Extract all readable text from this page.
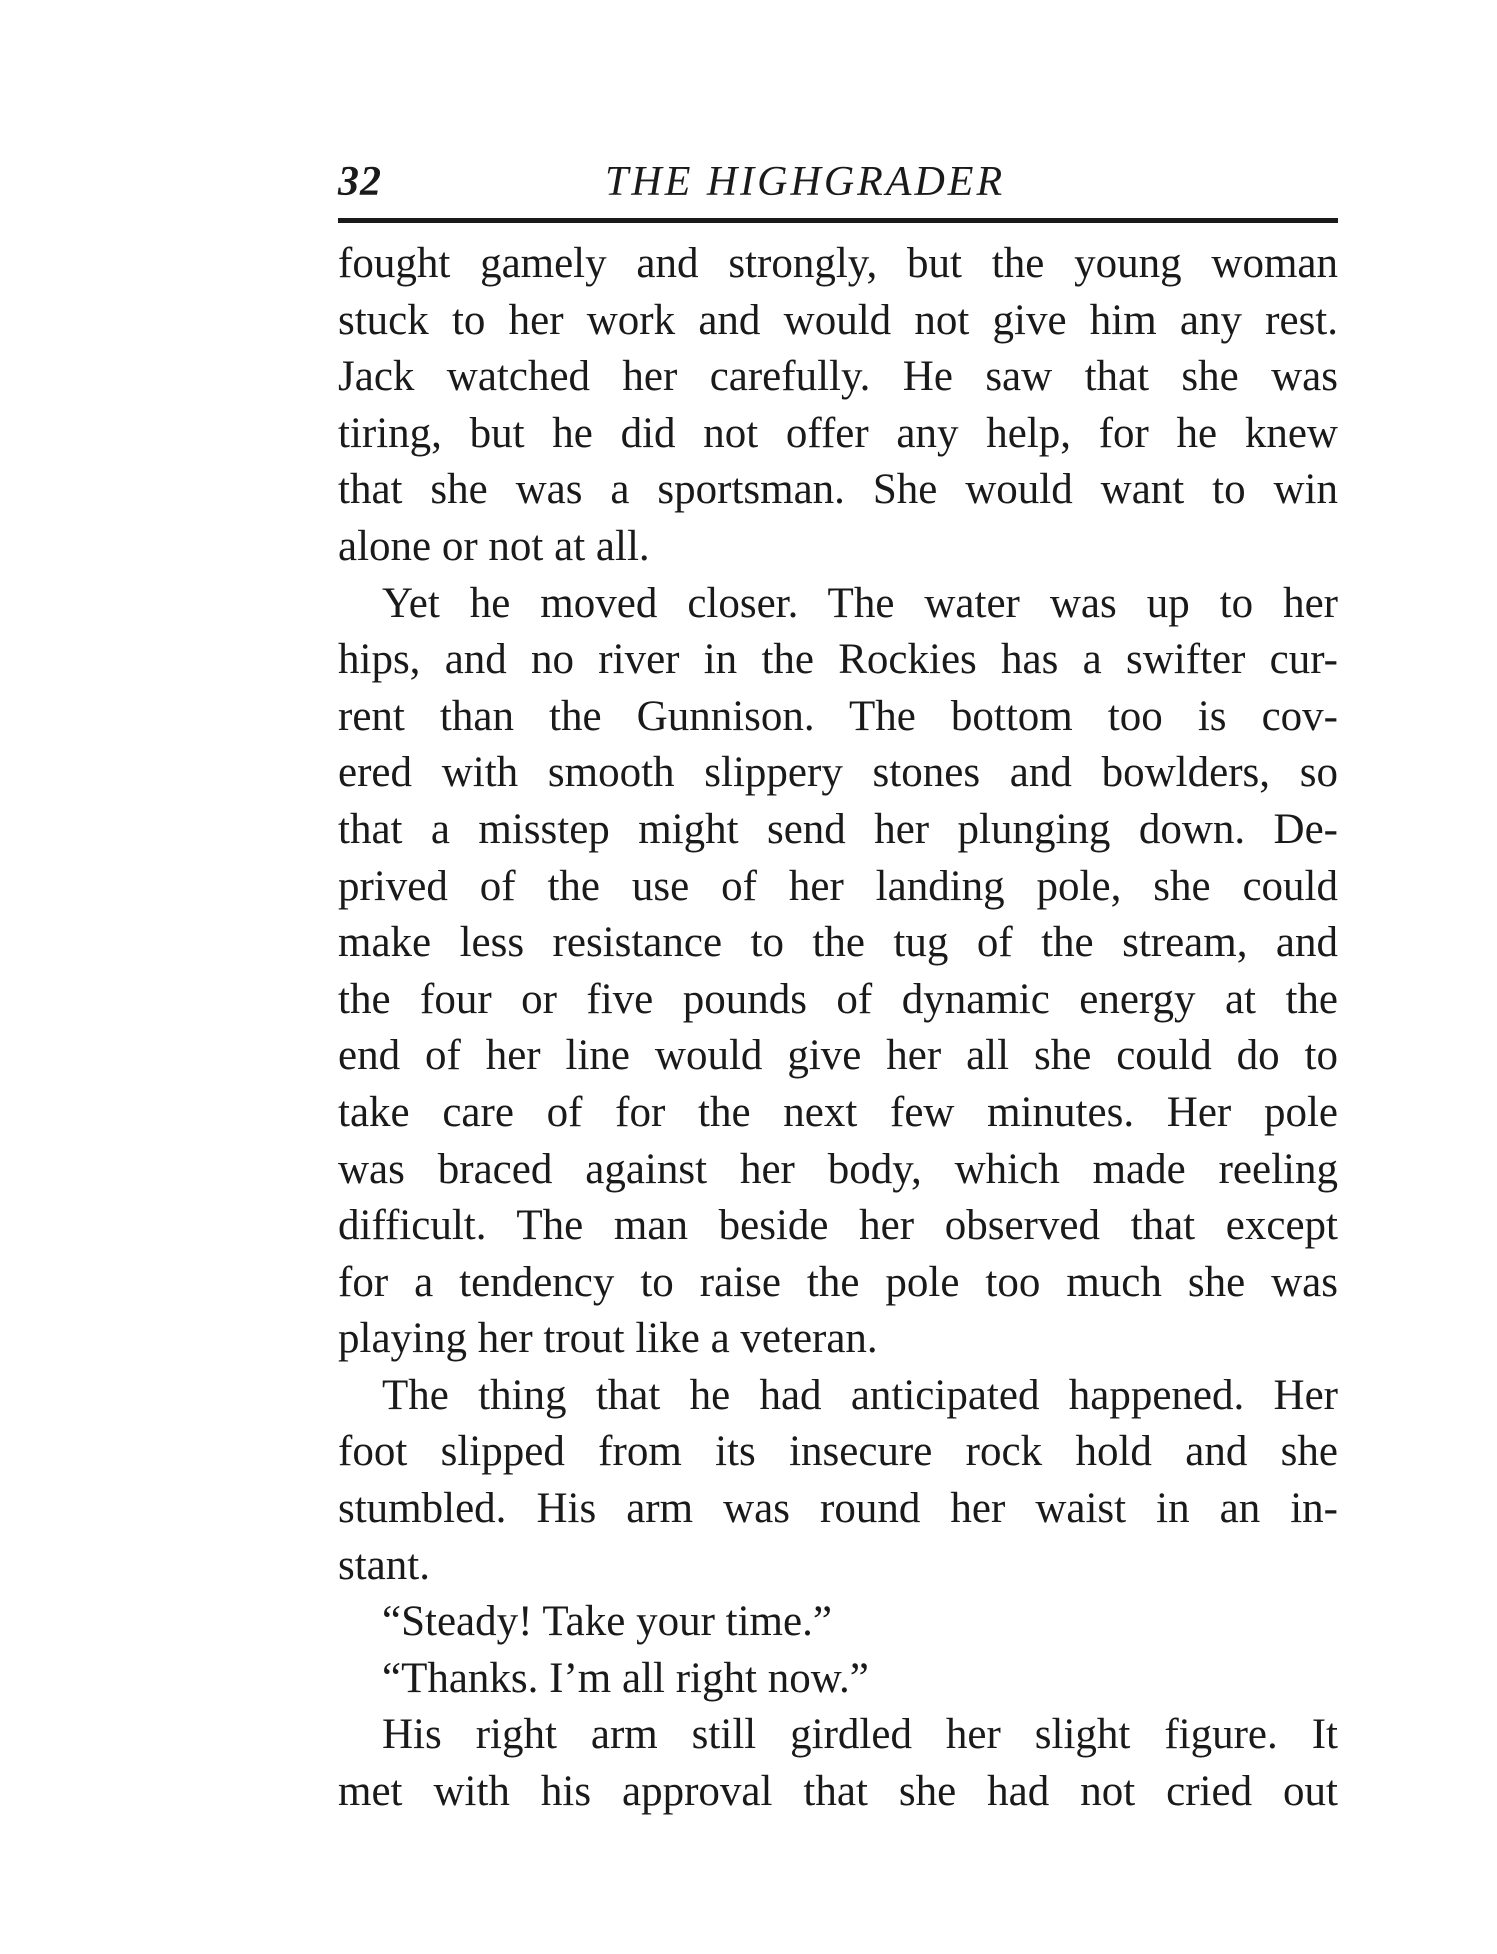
32	THE HIGHGRADER
fought gamely and strongly, but the young woman
stuck to her work and would not give him any rest.
Jack watched her carefully. He saw that she was
tiring, but he did not offer any help, for he knew
that she was a sportsman. She would want to win
alone or not at all.
Yet he moved closer. The water was up to her
hips, and no river in the Rockies has a swifter cur-
rent than the Gunnison. The bottom too is cov-
ered with smooth slippery stones and bowlders, so
that a misstep might send her plunging down. De-
prived of the use of her landing pole, she could
make less resistance to the tug of the stream, and
the four or five pounds of dynamic energy at the
end of her line would give her all she could do to
take care of for the next few minutes. Her pole
was braced against her body, which made reeling
difficult. The man beside her observed that except
for a tendency to raise the pole too much she was
playing her trout like a veteran.
The thing that he had anticipated happened. Her
foot slipped from its insecure rock hold and she
stumbled. His arm was round her waist in an in-
stant.
“Steady! Take your time.”
“Thanks. I’m all right now.”
His right arm still girdled her slight figure. It
met with his approval that she had not cried out
